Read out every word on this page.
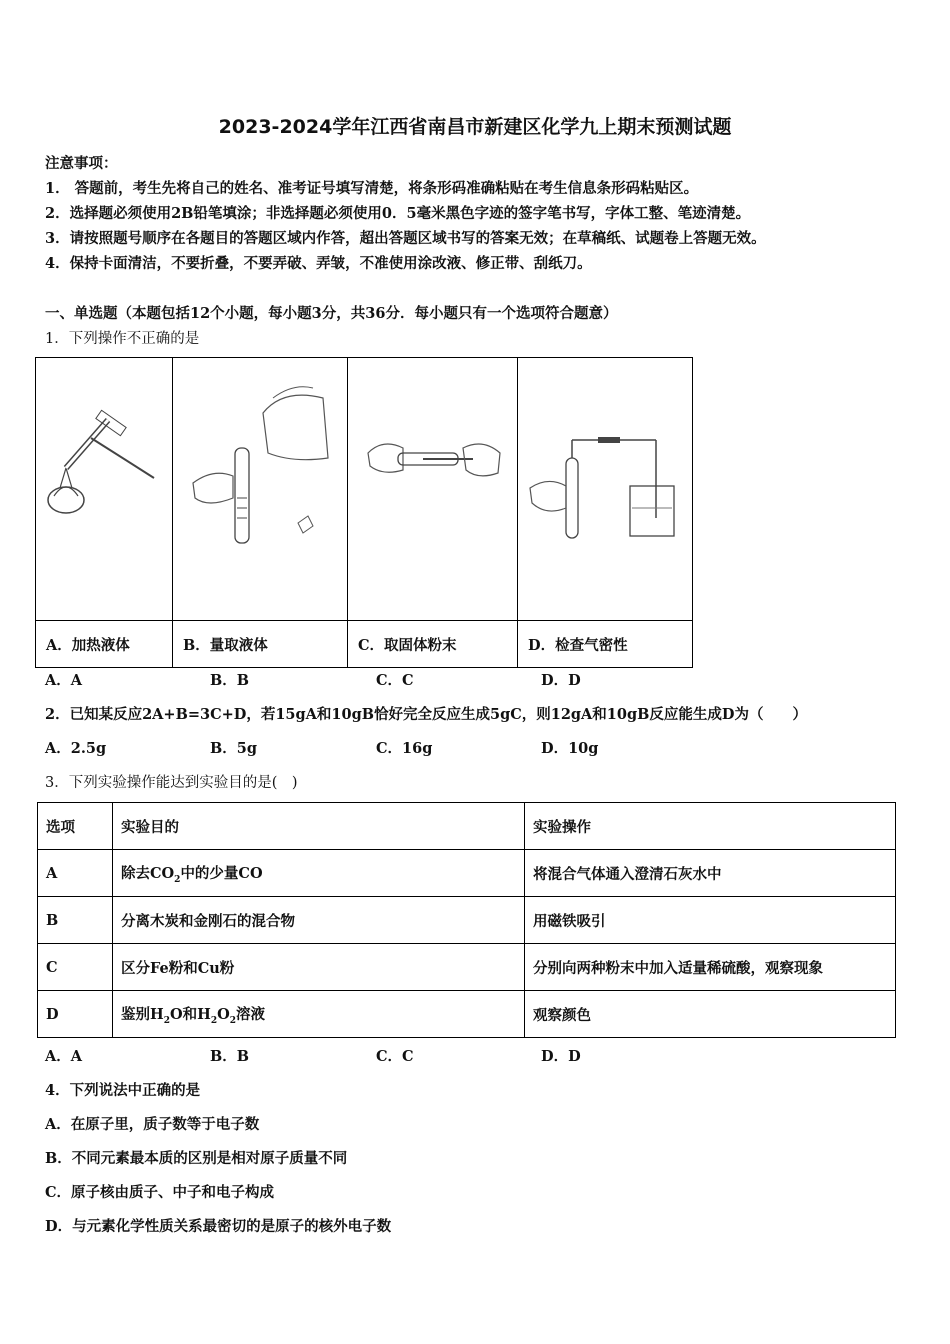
2023-2024学年江西省南昌市新建区化学九上期末预测试题
注意事项：
1． 答题前，考生先将自己的姓名、准考证号填写清楚，将条形码准确粘贴在考生信息条形码粘贴区。
2．选择题必须使用2B铅笔填涂；非选择题必须使用0．5毫米黑色字迹的签字笔书写，字体工整、笔迹清楚。
3．请按照题号顺序在各题目的答题区域内作答，超出答题区域书写的答案无效；在草稿纸、试题卷上答题无效。
4．保持卡面清洁，不要折叠，不要弄破、弄皱，不准使用涂改液、修正带、刮纸刀。
一、单选题（本题包括12个小题，每小题3分，共36分．每小题只有一个选项符合题意）
1．下列操作不正确的是

A．加热液体	B．量取液体	C．取固体粉末	D．检查气密性
A．A	B．B	C．C	D．D
2．已知某反应2A+B=3C+D，若15gA和10gB恰好完全反应生成5gC，则12gA和10gB反应能生成D为（　　）
A．2.5g	B．5g	C．16g	D．10g
3．下列实验操作能达到实验目的是(　)
选项	实验目的	实验操作
A	除去$CO_2$中的少量CO	将混合气体通入澄清石灰水中
B	分离木炭和金刚石的混合物	用磁铁吸引
C	区分Fe粉和Cu粉	分别向两种粉末中加入适量稀硫酸，观察现象
D	鉴别$H_2O$和$H_2O_2$溶液	观察颜色
A．A	B．B	C．C	D．D
4．下列说法中正确的是
A．在原子里，质子数等于电子数
B．不同元素最本质的区别是相对原子质量不同
C．原子核由质子、中子和电子构成
D．与元素化学性质关系最密切的是原子的核外电子数
